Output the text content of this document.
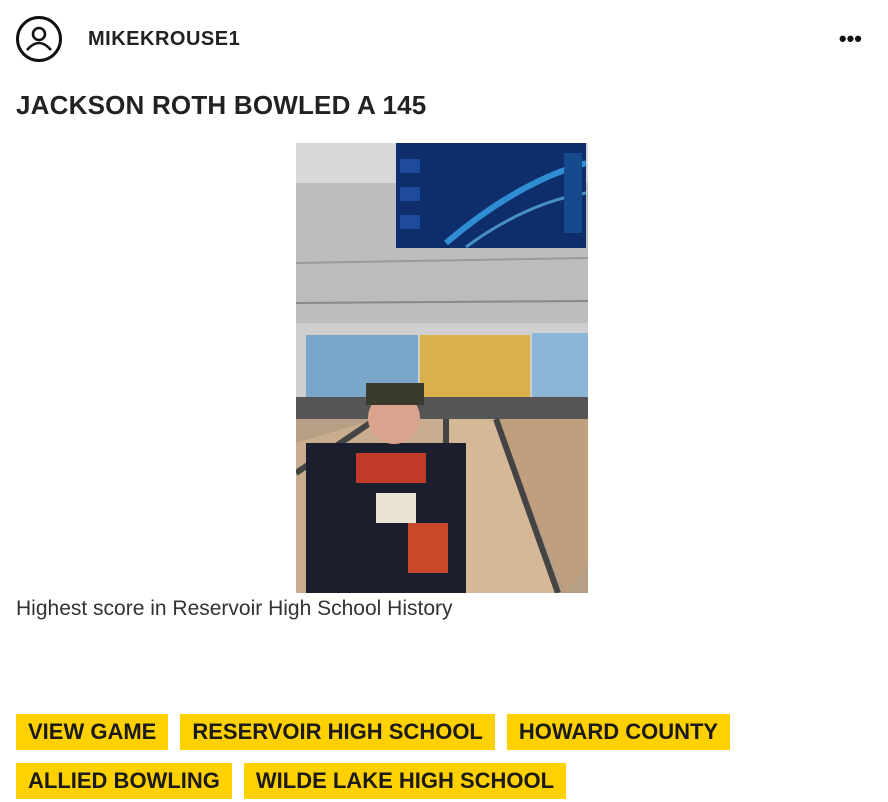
MIKEKROUSE1	•••
JACKSON ROTH BOWLED A 145
Highest score in Reservoir High School History
VIEW GAME	RESERVOIR HIGH SCHOOL	HOWARD COUNTY
ALLIED BOWLING	WILDE LAKE HIGH SCHOOL
